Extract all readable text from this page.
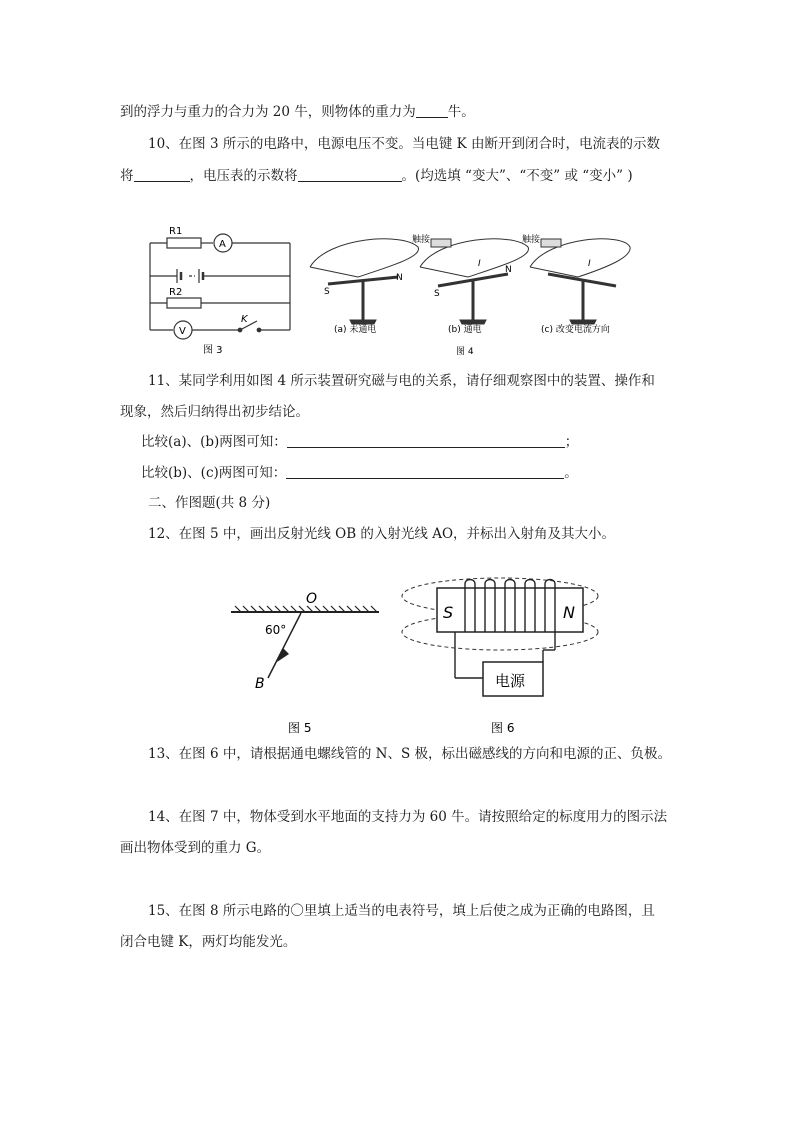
到的浮力与重力的合力为 20 牛，则物体的重力为 牛。
10、在图 3 所示的电路中，电源电压不变。当电键 K 由断开到闭合时，电流表的示数
将	，电压表的示数将	。(均选填 “变大”、“不变” 或 “变小” )
R1
R2
A
V
K
图 3
S
N
触接
I
S
N
触接
I
(a) 未通电	(b) 通电	(c) 改变电流方向
图 4
11、某同学利用如图 4 所示装置研究磁与电的关系，请仔细观察图中的装置、操作和
现象，然后归纳得出初步结论。
比较(a)、(b)两图可知：	；
比较(b)、(c)两图可知：	。
二、作图题(共 8 分)
12、在图 5 中，画出反射光线 OB 的入射光线 AO，并标出入射角及其大小。
O
60°
B
图 5
S	N
电源
图 6
13、在图 6 中，请根据通电螺线管的 N、S 极，标出磁感线的方向和电源的正、负极。
14、在图 7 中，物体受到水平地面的支持力为 60 牛。请按照给定的标度用力的图示法
画出物体受到的重力 G。
15、在图 8 所示电路的〇里填上适当的电表符号，填上后使之成为正确的电路图，且
闭合电键 K，两灯均能发光。
